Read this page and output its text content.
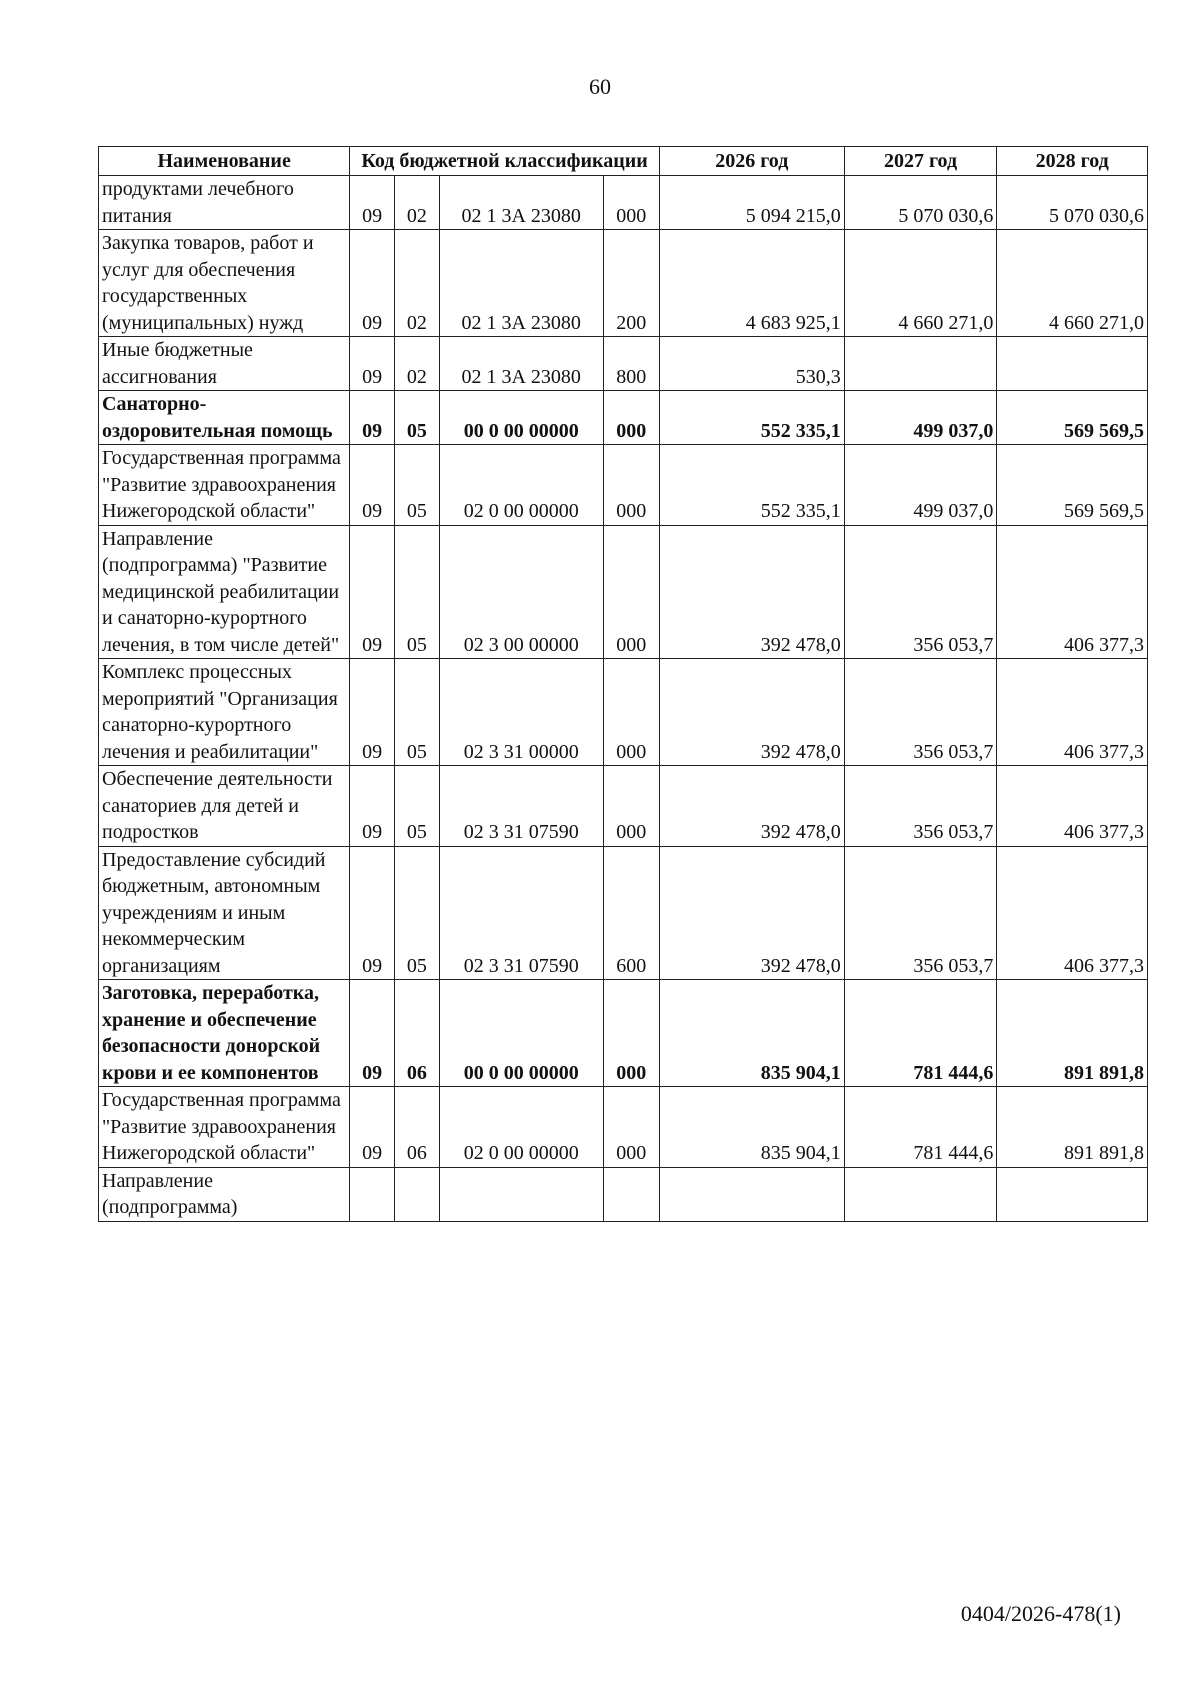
60
Наименование	Код бюджетной классификации				2026 год	2027 год	2028 год
продуктами лечебного питания	09	02	02 1 3А 23080	000	5 094 215,0	5 070 030,6	5 070 030,6
Закупка товаров, работ и услуг для обеспечения государственных (муниципальных) нужд	09	02	02 1 3А 23080	200	4 683 925,1	4 660 271,0	4 660 271,0
Иные бюджетные ассигнования	09	02	02 1 3А 23080	800	530,3		
Санаторно-оздоровительная помощь	09	05	00 0 00 00000	000	552 335,1	499 037,0	569 569,5
Государственная программа "Развитие здравоохранения Нижегородской области"	09	05	02 0 00 00000	000	552 335,1	499 037,0	569 569,5
Направление (подпрограмма) "Развитие медицинской реабилитации и санаторно-курортного лечения, в том числе детей"	09	05	02 3 00 00000	000	392 478,0	356 053,7	406 377,3
Комплекс процессных мероприятий "Организация санаторно-курортного лечения и реабилитации"	09	05	02 3 31 00000	000	392 478,0	356 053,7	406 377,3
Обеспечение деятельности санаториев для детей и подростков	09	05	02 3 31 07590	000	392 478,0	356 053,7	406 377,3
Предоставление субсидий бюджетным, автономным учреждениям и иным некоммерческим организациям	09	05	02 3 31 07590	600	392 478,0	356 053,7	406 377,3
Заготовка, переработка, хранение и обеспечение безопасности донорской крови и ее компонентов	09	06	00 0 00 00000	000	835 904,1	781 444,6	891 891,8
Государственная программа "Развитие здравоохранения Нижегородской области"	09	06	02 0 00 00000	000	835 904,1	781 444,6	891 891,8
Направление (подпрограмма)							
0404/2026-478(1)
